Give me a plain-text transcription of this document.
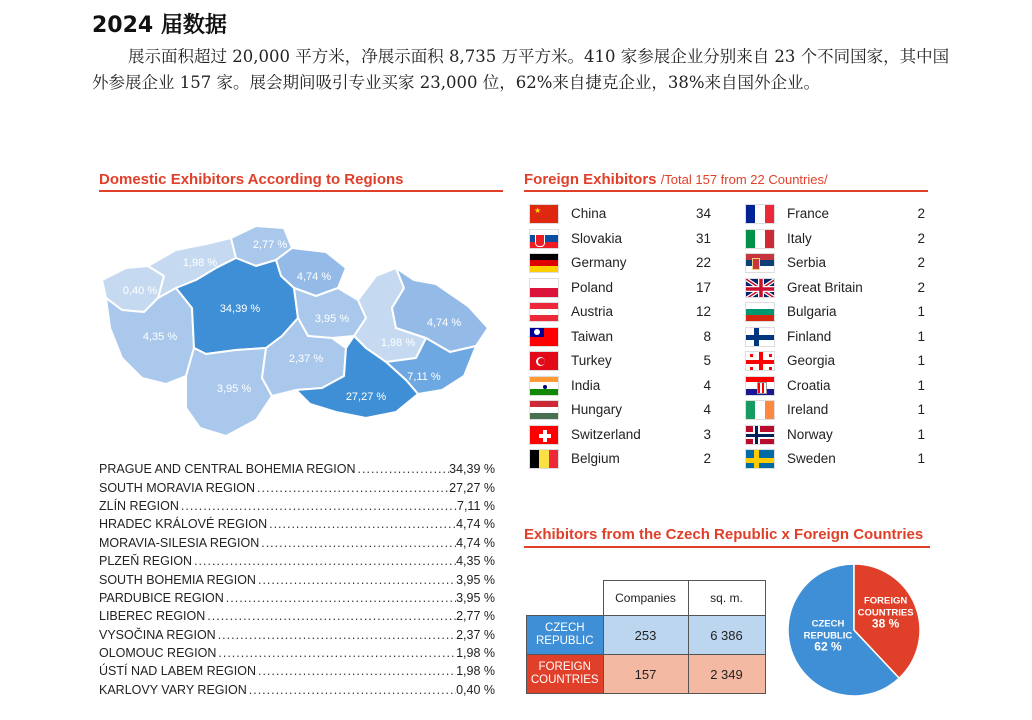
2024 届数据
展示面积超过 20,000 平方米，净展示面积 8,735 万平方米。410 家参展企业分别来自 23 个不同国家，其中国外参展企业 157 家。展会期间吸引专业买家 23,000 位，62%来自捷克企业，38%来自国外企业。
Domestic Exhibitors According to Regions
2,77 %
1,98 %
4,74 %
0,40 %
34,39 %
3,95 %	4,74 %
4,35 %	1,98 %
2,37 %
7,11 %
3,95 %
27,27 %
PRAGUE AND CENTRAL BOHEMIA REGION .....	34,39 %
SOUTH MORAVIA REGION .....	27,27 %
ZLÍN REGION .....	7,11 %
HRADEC KRÁLOVÉ REGION .....	4,74 %
MORAVIA-SILESIA REGION .....	4,74 %
PLZEŇ REGION .....	4,35 %
SOUTH BOHEMIA REGION .....	3,95 %
PARDUBICE REGION .....	3,95 %
LIBEREC REGION .....	2,77 %
VYSOČINA REGION .....	2,37 %
OLOMOUC REGION .....	1,98 %
ÚSTÍ NAD LABEM REGION .....	1,98 %
KARLOVY VARY REGION .....	0,40 %
Foreign Exhibitors /Total 157 from 22 Countries/
★ China	34
Slovakia	31
Germany	22
Poland	17
Austria	12
Taiwan	8
Turkey	5
India	4
Hungary	4
Switzerland	3
Belgium	2
France	2
Italy	2
Serbia	2
Great Britain	2
Bulgaria	1
Finland	1
Georgia	1
Croatia	1
Ireland	1
Norway	1
Sweden	1
Exhibitors from the Czech Republic x Foreign Countries
	Companies	sq. m.
CZECH
REPUBLIC	253	6 386
FOREIGN
COUNTRIES	157	2 349
CZECH
REPUBLIC
62 %
FOREIGN
COUNTRIES
38 %
